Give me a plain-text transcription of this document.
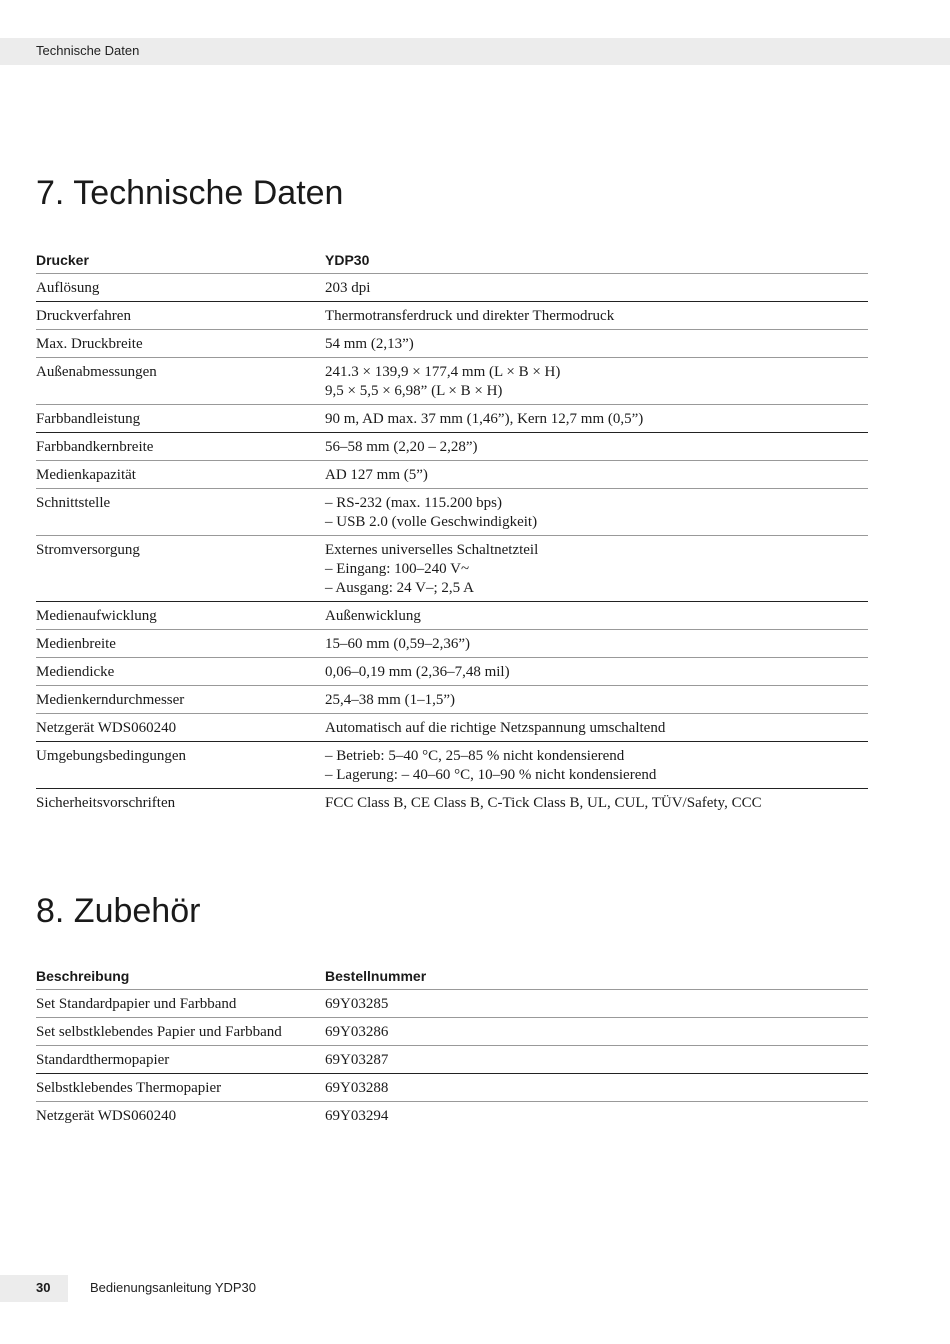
Technische Daten
7. Technische Daten
Drucker	YDP30
Auflösung	203 dpi
Druckverfahren	Thermotransferdruck und direkter Thermodruck
Max. Druckbreite	54 mm (2,13”)
Außenabmessungen	241.3 × 139,9 × 177,4 mm (L × B × H)
9,5 × 5,5 × 6,98” (L × B × H)
Farbbandleistung	90 m, AD max. 37 mm (1,46”), Kern 12,7 mm (0,5”)
Farbbandkernbreite	56–58 mm (2,20 – 2,28”)
Medienkapazität	AD 127 mm (5”)
Schnittstelle	– RS-232 (max. 115.200 bps)
– USB 2.0 (volle Geschwindigkeit)
Stromversorgung	Externes universelles Schaltnetzteil
– Eingang: 100–240 V~
– Ausgang: 24 V–; 2,5 A
Medienaufwicklung	Außenwicklung
Medienbreite	15–60 mm (0,59–2,36”)
Mediendicke	0,06–0,19 mm (2,36–7,48 mil)
Medienkerndurchmesser	25,4–38 mm (1–1,5”)
Netzgerät WDS060240	Automatisch auf die richtige Netzspannung umschaltend
Umgebungsbedingungen	– Betrieb: 5–40 °C, 25–85 % nicht kondensierend
– Lagerung: – 40–60 °C, 10–90 % nicht kondensierend
Sicherheitsvorschriften	FCC Class B, CE Class B, C-Tick Class B, UL, CUL, TÜV/Safety, CCC
8. Zubehör
Beschreibung	Bestellnummer
Set Standardpapier und Farbband	69Y03285
Set selbstklebendes Papier und Farbband	69Y03286
Standardthermopapier	69Y03287
Selbstklebendes Thermopapier	69Y03288
Netzgerät WDS060240	69Y03294
30	Bedienungsanleitung YDP30
